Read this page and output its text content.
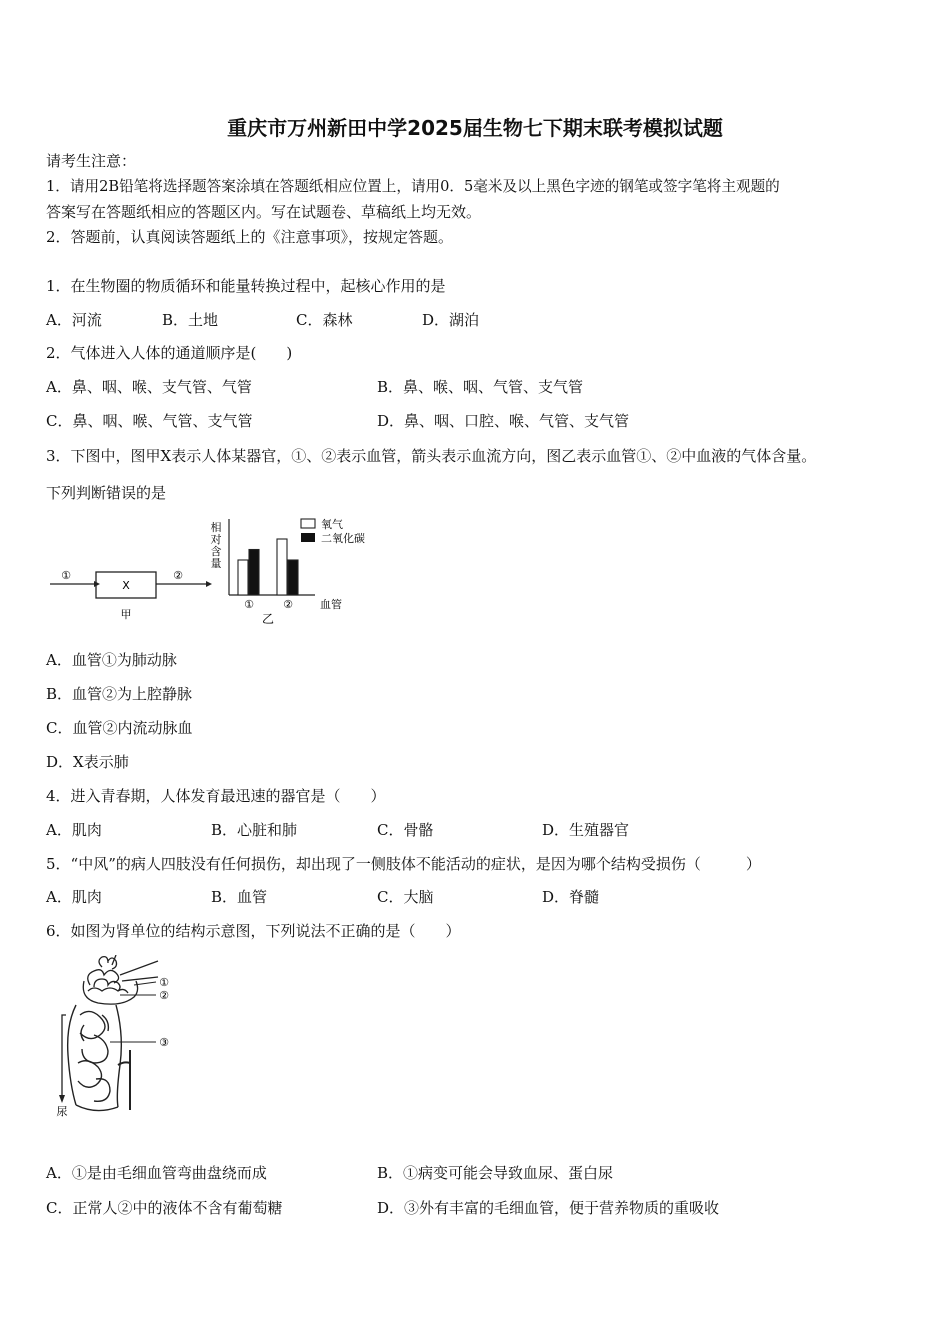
重庆市万州新田中学2025届生物七下期末联考模拟试题
请考生注意：
1．请用2B铅笔将选择题答案涂填在答题纸相应位置上，请用0．5毫米及以上黑色字迹的钢笔或签字笔将主观题的
答案写在答题纸相应的答题区内。写在试题卷、草稿纸上均无效。
2．答题前，认真阅读答题纸上的《注意事项》，按规定答题。
1．在生物圈的物质循环和能量转换过程中，起核心作用的是
A．河流	B．土地	C．森林	D．湖泊
2．气体进入人体的通道顺序是(　　)
A．鼻、咽、喉、支气管、气管	B．鼻、喉、咽、气管、支气管
C．鼻、咽、喉、气管、支气管	D．鼻、咽、口腔、喉、气管、支气管
3．下图中，图甲X表示人体某器官，①、②表示血管，箭头表示血流方向，图乙表示血管①、②中血液的气体含量。
下列判断错误的是
①
X
②
甲
相
对
含
量
氧气
二氧化碳
①	② 血管
乙
A．血管①为肺动脉
B．血管②为上腔静脉
C．血管②内流动脉血
D．X表示肺
4．进入青春期，人体发育最迅速的器官是（　　）
A．肌肉	B．心脏和肺	C．骨骼	D．生殖器官
5．“中风”的病人四肢没有任何损伤，却出现了一侧肢体不能活动的症状，是因为哪个结构受损伤（　　　）
A．肌肉	B．血管	C．大脑	D．脊髓
6．如图为肾单位的结构示意图，下列说法不正确的是（　　）
①
②
③
尿
A．①是由毛细血管弯曲盘绕而成	B．①病变可能会导致血尿、蛋白尿
C．正常人②中的液体不含有葡萄糖	D．③外有丰富的毛细血管，便于营养物质的重吸收
